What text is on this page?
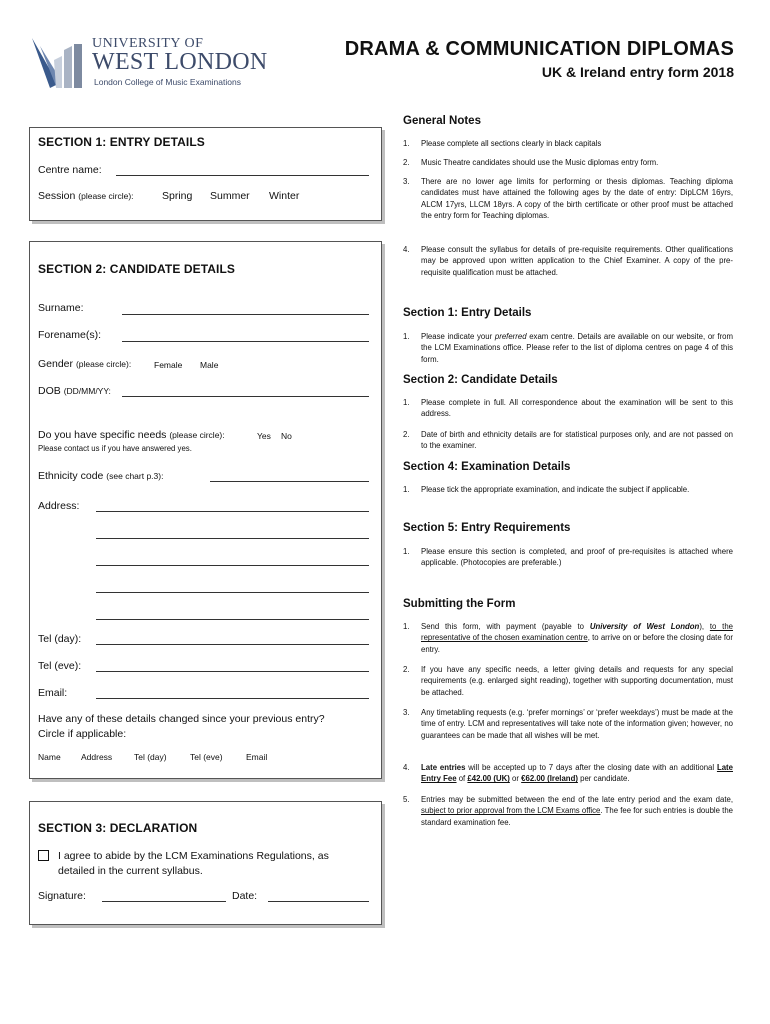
UNIVERSITY OF
WEST LONDON
London College of Music Examinations
DRAMA & COMMUNICATION DIPLOMAS
UK & Ireland entry form 2018
SECTION 1: ENTRY DETAILS
Centre name:
Session (please circle):	Spring Summer Winter
SECTION 2: CANDIDATE DETAILS
Surname:
Forename(s):
Gender (please circle):	Female Male
DOB (DD/MM/YY:
Do you have specific needs (please circle):	Yes No
Please contact us if you have answered yes.
Ethnicity code (see chart p.3):
Address:
Tel (day):
Tel (eve):
Email:
Have any of these details changed since your previous entry?
Circle if applicable:
Name Address	Tel (day)	Tel (eve)	Email
SECTION 3: DECLARATION
I agree to abide by the LCM Examinations Regulations, as
detailed in the current syllabus.
Signature:	Date:
General Notes
1. Please complete all sections clearly in black capitals
2. Music Theatre candidates should use the Music diplomas entry form.
3. There are no lower age limits for performing or thesis diplomas. Teaching diploma candidates must have attained the following ages by the date of entry: DipLCM 16yrs, ALCM 17yrs, LLCM 18yrs. A copy of the birth certificate or other proof must be attached the entry form for Teaching diplomas.
4. Please consult the syllabus for details of pre-requisite requirements. Other qualifications may be approved upon written application to the Chief Examiner. A copy of the pre-requisite qualification must be attached.
Section 1: Entry Details
1. Please indicate your preferred exam centre. Details are available on our website, or from the LCM Examinations office. Please refer to the list of diploma centres on page 4 of this form.
Section 2: Candidate Details
1. Please complete in full. All correspondence about the examination will be sent to this address.
2. Date of birth and ethnicity details are for statistical purposes only, and are not passed on to the examiner.
Section 4: Examination Details
1. Please tick the appropriate examination, and indicate the subject if applicable.
Section 5: Entry Requirements
1. Please ensure this section is completed, and proof of pre-requisites is attached where applicable. (Photocopies are preferable.)
Submitting the Form
1. Send this form, with payment (payable to University of West London), to the representative of the chosen examination centre, to arrive on or before the closing date for entry.
2. If you have any specific needs, a letter giving details and requests for any special requirements (e.g. enlarged sight reading), together with supporting documentation, must be attached.
3. Any timetabling requests (e.g. ‘prefer mornings’ or ‘prefer weekdays’) must be made at the time of entry. LCM and representatives will take note of the information given; however, no guarantees can be made that all wishes will be met.
4. Late entries will be accepted up to 7 days after the closing date with an additional Late Entry Fee of £42.00 (UK) or €62.00 (Ireland) per candidate.
5. Entries may be submitted between the end of the late entry period and the exam date, subject to prior approval from the LCM Exams office. The fee for such entries is double the standard examination fee.
